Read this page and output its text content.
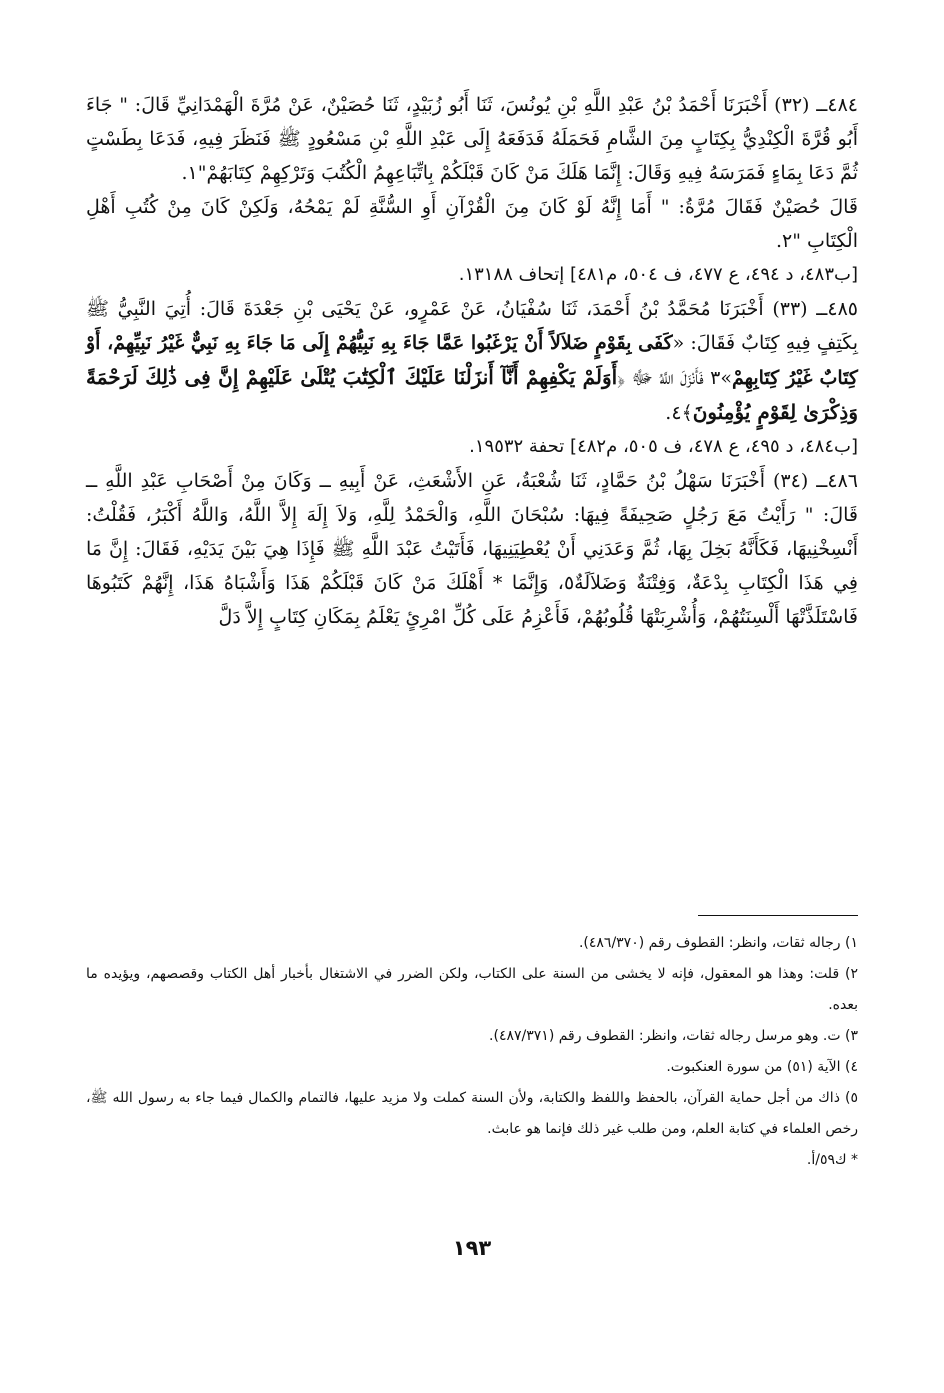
٤٨٤ــ (٣٢) أَخْبَرَنَا أَحْمَدُ بْنُ عَبْدِ اللَّهِ بْنِ يُونُسَ، ثَنَا أَبُو زُبَيْدٍ، ثَنَا حُصَيْنٌ، عَنْ مُرَّةَ الْهَمْدَانِيِّ قَالَ: " جَاءَ أَبُو قُرَّةَ الْكِنْدِيُّ بِكِتَابٍ مِنَ الشَّامِ فَحَمَلَهُ فَدَفَعَهُ إِلَى عَبْدِ اللَّهِ بْنِ مَسْعُودٍ ﷺ فَنَظَرَ فِيهِ، فَدَعَا بِطَسْتٍ ثُمَّ دَعَا بِمَاءٍ فَمَرَسَهُ فِيهِ وَقَالَ: إِنَّمَا هَلَكَ مَنْ كَانَ قَبْلَكُمْ بِاتِّبَاعِهِمُ الْكُتُبَ وَتَرْكِهِمْ كِتَابَهُمْ"١.

قَالَ حُصَيْنٌ فَقَالَ مُرَّةُ: " أَمَا إِنَّهُ لَوْ كَانَ مِنَ الْقُرْآنِ أَوِ السُّنَّةِ لَمْ يَمْحُهُ، وَلَكِنْ كَانَ مِنْ كُتُبِ أَهْلِ الْكِتَابِ "٢.

[ب٤٨٣، د ٤٩٤، ع ٤٧٧، ف ٥٠٤، م٤٨١] إتحاف ١٣١٨٨.

٤٨٥ــ (٣٣) أَخْبَرَنَا مُحَمَّدُ بْنُ أَحْمَدَ، ثَنَا سُفْيَانُ، عَنْ عَمْرٍو، عَنْ يَحْيَى بْنِ جَعْدَةَ قَالَ: أُتِيَ النَّبِيُّ ﷺ بِكَتِفٍ فِيهِ كِتَابٌ فَقَالَ: «كَفَى بِقَوْمٍ ضَلاَلاً أَنْ يَرْغَبُوا عَمَّا جَاءَ بِهِ نَبِيُّهُمْ إِلَى مَا جَاءَ بِهِ نَبِيٌّ غَيْرُ نَبِيِّهِمْ، أَوْ كِتَابٌ غَيْرُ كِتَابِهِمْ»٣ فَأَنْزَلَ اللَّهُ ﷻ ﴿أَوَلَمْ يَكْفِهِمْ أَنَّآ أَنزَلْنَا عَلَيْكَ ٱلْكِتَٰبَ يُتْلَىٰ عَلَيْهِمْ إِنَّ فِى ذَٰلِكَ لَرَحْمَةً وَذِكْرَىٰ لِقَوْمٍ يُؤْمِنُونَ﴾٤.

[ب٤٨٤، د ٤٩٥، ع ٤٧٨، ف ٥٠٥، م٤٨٢] تحفة ١٩٥٣٢.

٤٨٦ــ (٣٤) أَخْبَرَنَا سَهْلُ بْنُ حَمَّادٍ، ثَنَا شُعْبَةُ، عَنِ الأَشْعَثِ، عَنْ أَبِيهِ ــ وَكَانَ مِنْ أَصْحَابِ عَبْدِ اللَّهِ ــ قَالَ: " رَأَيْتُ مَعَ رَجُلٍ صَحِيفَةً فِيهَا: سُبْحَانَ اللَّهِ، وَالْحَمْدُ لِلَّهِ، وَلاَ إِلَهَ إِلاَّ اللَّهُ، وَاللَّهُ أَكْبَرُ، فَقُلْتُ: أَنْسِخْنِيهَا، فَكَأَنَّهُ بَخِلَ بِهَا، ثُمَّ وَعَدَنِي أَنْ يُعْطِيَنِيهَا، فَأَتَيْتُ عَبْدَ اللَّهِ ﷺ فَإِذَا هِيَ بَيْنَ يَدَيْهِ، فَقَالَ: إِنَّ مَا فِي هَذَا الْكِتَابِ بِدْعَةٌ، وَفِتْنَةٌ وَضَلاَلَةٌ٥، وَإِنَّمَا * أَهْلَكَ مَنْ كَانَ قَبْلَكُمْ هَذَا وَأَشْبَاهُ هَذَا، إِنَّهُمْ كَتَبُوهَا فَاسْتَلَذَّتْهَا أَلْسِنَتُهُمْ، وَأُشْرِبَتْهَا قُلُوبُهُمْ، فَأَعْزِمُ عَلَى كُلِّ امْرِئٍ يَعْلَمُ بِمَكَانِ كِتَابٍ إِلاَّ دَلَّ

١) رجاله ثقات، وانظر: القطوف رقم (٤٨٦/٣٧٠).

٢) قلت: وهذا هو المعقول، فإنه لا يخشى من السنة على الكتاب، ولكن الضرر في الاشتغال بأخبار أهل الكتاب وقصصهم، ويؤيده ما بعده.

٣) ت. وهو مرسل رجاله ثقات، وانظر: القطوف رقم (٤٨٧/٣٧١).

٤) الآية (٥١) من سورة العنكبوت.

٥) ذاك من أجل حماية القرآن، بالحفظ واللفظ والكتابة، ولأن السنة كملت ولا مزيد عليها، فالتمام والكمال فيما جاء به رسول الله ﷺ، رخص العلماء في كتابة العلم، ومن طلب غير ذلك فإنما هو عابث.

* ك٥٩/أ.

١٩٣
